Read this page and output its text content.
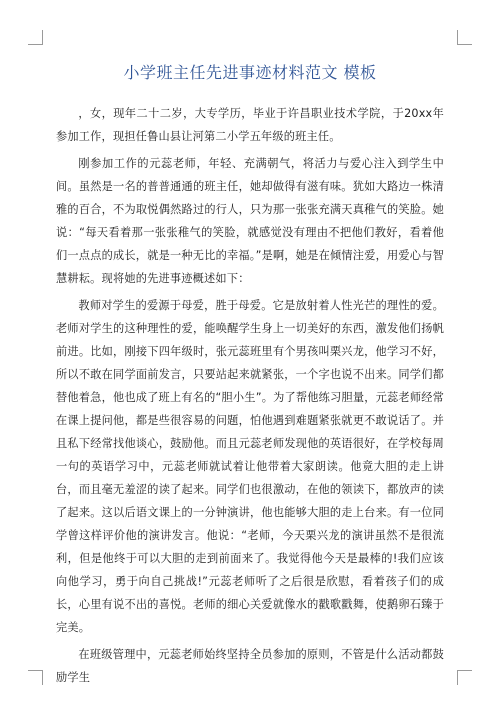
小学班主任先进事迹材料范文 模板

，女，现年二十二岁，大专学历，毕业于许昌职业技术学院，于20xx年参加工作，现担任鲁山县让河第二小学五年级的班主任。

刚参加工作的元蕊老师，年轻、充满朝气，将活力与爱心注入到学生中间。虽然是一名的普普通通的班主任，她却做得有滋有味。犹如大路边一株清雅的百合，不为取悦偶然路过的行人，只为那一张张充满天真稚气的笑脸。她说：“每天看着那一张张稚气的笑脸，就感觉没有理由不把他们教好，看着他们一点点的成长，就是一种无比的幸福。”是啊，她是在倾情注爱，用爱心与智慧耕耘。现将她的先进事迹概述如下：

教师对学生的爱源于母爱，胜于母爱。它是放射着人性光芒的理性的爱。老师对学生的这种理性的爱，能唤醒学生身上一切美好的东西，激发他们扬帆前进。比如，刚接下四年级时，张元蕊班里有个男孩叫栗兴龙，他学习不好，所以不敢在同学面前发言，只要站起来就紧张，一个字也说不出来。同学们都替他着急，他也成了班上有名的“胆小生”。为了帮他练习胆量，元蕊老师经常在课上提问他，都是些很容易的问题，怕他遇到难题紧张就更不敢说话了。并且私下经常找他谈心，鼓励他。而且元蕊老师发现他的英语很好，在学校每周一句的英语学习中，元蕊老师就试着让他带着大家朗读。他竟大胆的走上讲台，而且毫无羞涩的读了起来。同学们也很激动，在他的领读下，都放声的读了起来。这以后语文课上的一分钟演讲，他也能够大胆的走上台来。有一位同学曾这样评价他的演讲发言。他说：“老师，今天栗兴龙的演讲虽然不是很流利，但是他终于可以大胆的走到前面来了。我觉得他今天是最棒的!我们应该向他学习，勇于向自己挑战!”元蕊老师听了之后很是欣慰，看着孩子们的成长，心里有说不出的喜悦。老师的细心关爱就像水的戳歌戳舞，使鹅卵石臻于完美。

在班级管理中，元蕊老师始终坚持全员参加的原则，不管是什么活动都鼓励学生
